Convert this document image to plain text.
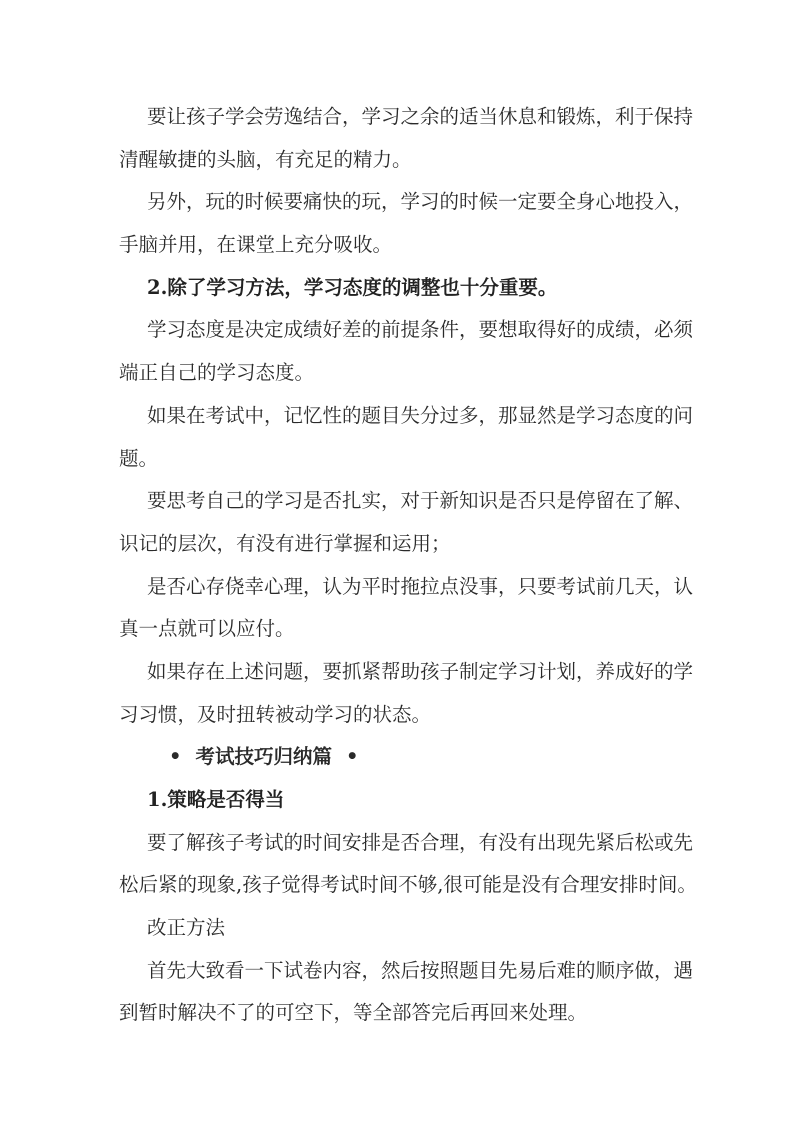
要让孩子学会劳逸结合，学习之余的适当休息和锻炼，利于保持
清醒敏捷的头脑，有充足的精力。
另外，玩的时候要痛快的玩，学习的时候一定要全身心地投入，
手脑并用，在课堂上充分吸收。
2.除了学习方法，学习态度的调整也十分重要。
学习态度是决定成绩好差的前提条件，要想取得好的成绩，必须
端正自己的学习态度。
如果在考试中，记忆性的题目失分过多，那显然是学习态度的问
题。
要思考自己的学习是否扎实，对于新知识是否只是停留在了解、
识记的层次，有没有进行掌握和运用；
是否心存侥幸心理，认为平时拖拉点没事，只要考试前几天，认
真一点就可以应付。
如果存在上述问题，要抓紧帮助孩子制定学习计划，养成好的学
习习惯，及时扭转被动学习的状态。
• 考试技巧归纳篇 •
1.策略是否得当
要了解孩子考试的时间安排是否合理，有没有出现先紧后松或先
松后紧的现象,孩子觉得考试时间不够,很可能是没有合理安排时间。
改正方法
首先大致看一下试卷内容，然后按照题目先易后难的顺序做，遇
到暂时解决不了的可空下，等全部答完后再回来处理。
